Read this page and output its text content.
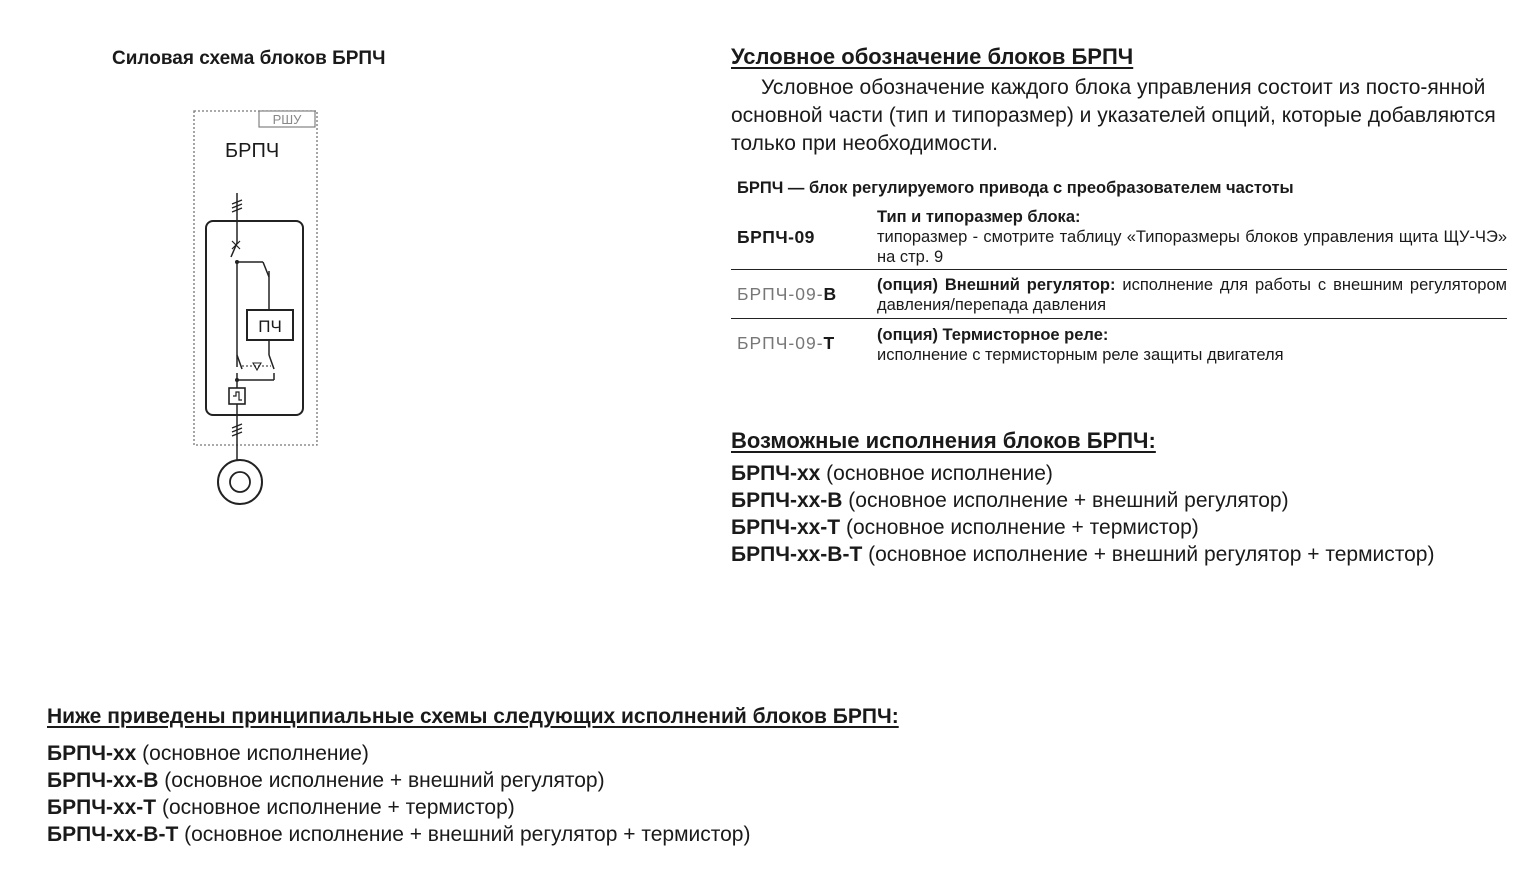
Силовая схема блоков БРПЧ
РШУ
БРПЧ
ПЧ
Условное обозначение блоков БРПЧ
Условное обозначение каждого блока управления состоит из посто-янной основной части (тип и типоразмер) и указателей опций, которые добавляются только при необходимости.
БРПЧ — блок регулируемого привода с преобразователем частоты
БРПЧ-09
Тип и типоразмер блока:
типоразмер - смотрите таблицу «Типоразмеры блоков управления щита ЩУ-ЧЭ» на стр. 9
БРПЧ-09- В (опция) Внешний регулятор: исполнение для работы с внешним регулятором давления/перепада давления
БРПЧ-09- Т	(опция) Термисторное реле:
исполнение с термисторным реле защиты двигателя
Возможные исполнения блоков БРПЧ:
БРПЧ-хх (основное исполнение)
БРПЧ-хх-В (основное исполнение + внешний регулятор)
БРПЧ-хх-Т (основное исполнение + термистор)
БРПЧ-хх-В-Т (основное исполнение + внешний регулятор + термистор)
Ниже приведены принципиальные схемы следующих исполнений блоков БРПЧ:
БРПЧ-хх (основное исполнение)
БРПЧ-хх-В (основное исполнение + внешний регулятор)
БРПЧ-хх-Т (основное исполнение + термистор)
БРПЧ-хх-В-Т (основное исполнение + внешний регулятор + термистор)
